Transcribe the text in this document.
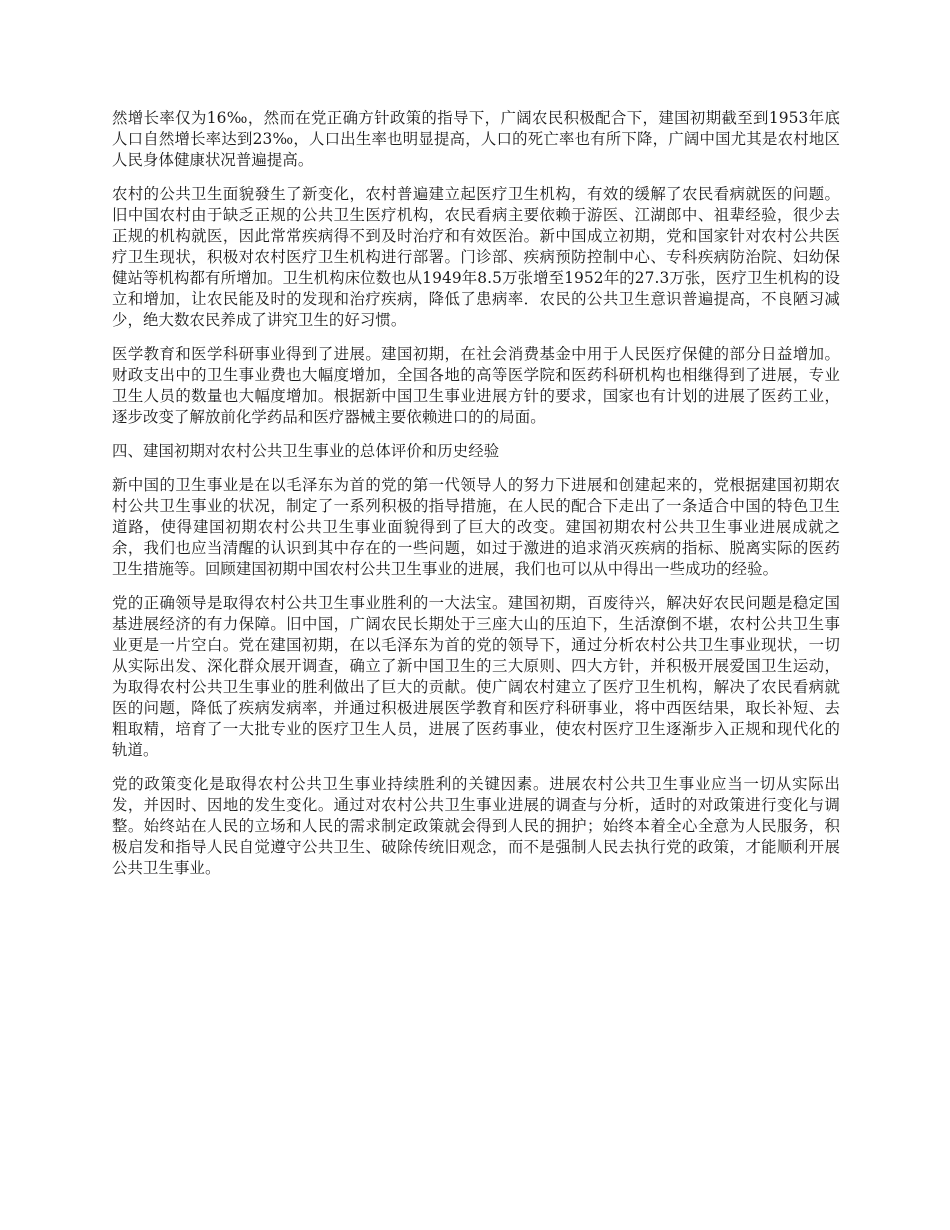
然增长率仅为16‰，然而在党正确方针政策的指导下，广阔农民积极配合下，建国初期截至到1953年底人口自然增长率达到23‰，人口出生率也明显提高，人口的死亡率也有所下降，广阔中国尤其是农村地区人民身体健康状况普遍提高。

农村的公共卫生面貌發生了新变化，农村普遍建立起医疗卫生机构，有效的缓解了农民看病就医的问题。旧中国农村由于缺乏正规的公共卫生医疗机构，农民看病主要依赖于游医、江湖郎中、祖辈经验，很少去正规的机构就医，因此常常疾病得不到及时治疗和有效医治。新中国成立初期，党和国家针对农村公共医疗卫生现状，积极对农村医疗卫生机构进行部署。门诊部、疾病预防控制中心、专科疾病防治院、妇幼保健站等机构都有所增加。卫生机构床位数也从1949年8.5万张增至1952年的27.3万张，医疗卫生机构的设立和增加，让农民能及时的发现和治疗疾病，降低了患病率．农民的公共卫生意识普遍提高，不良陋习减少，绝大数农民养成了讲究卫生的好习惯。

医学教育和医学科研事业得到了进展。建国初期，在社会消费基金中用于人民医疗保健的部分日益增加。财政支出中的卫生事业费也大幅度增加，全国各地的高等医学院和医药科研机构也相继得到了进展，专业卫生人员的数量也大幅度增加。根据新中国卫生事业进展方针的要求，国家也有计划的进展了医药工业，逐步改变了解放前化学药品和医疗器械主要依赖进口的的局面。

四、建国初期对农村公共卫生事业的总体评价和历史经验

新中国的卫生事业是在以毛泽东为首的党的第一代领导人的努力下进展和创建起来的，党根据建国初期农村公共卫生事业的状况，制定了一系列积极的指导措施，在人民的配合下走出了一条适合中国的特色卫生道路，使得建国初期农村公共卫生事业面貌得到了巨大的改变。建国初期农村公共卫生事业进展成就之余，我们也应当清醒的认识到其中存在的一些问题，如过于激进的追求消灭疾病的指标、脱离实际的医药卫生措施等。回顾建国初期中国农村公共卫生事业的进展，我们也可以从中得出一些成功的经验。

党的正确领导是取得农村公共卫生事业胜利的一大法宝。建国初期，百废待兴，解决好农民问题是稳定国基进展经济的有力保障。旧中国，广阔农民长期处于三座大山的压迫下，生活潦倒不堪，农村公共卫生事业更是一片空白。党在建国初期，在以毛泽东为首的党的领导下，通过分析农村公共卫生事业现状，一切从实际出发、深化群众展开调查，确立了新中国卫生的三大原则、四大方针，并积极开展爱国卫生运动，为取得农村公共卫生事业的胜利做出了巨大的贡献。使广阔农村建立了医疗卫生机构，解决了农民看病就医的问题，降低了疾病发病率，并通过积极进展医学教育和医疗科研事业，将中西医结果，取长补短、去粗取精，培育了一大批专业的医疗卫生人员，进展了医药事业，使农村医疗卫生逐渐步入正规和现代化的轨道。

党的政策变化是取得农村公共卫生事业持续胜利的关键因素。进展农村公共卫生事业应当一切从实际出发，并因时、因地的发生变化。通过对农村公共卫生事业进展的调查与分析，适时的对政策进行变化与调整。始终站在人民的立场和人民的需求制定政策就会得到人民的拥护；始终本着全心全意为人民服务，积极启发和指导人民自觉遵守公共卫生、破除传统旧观念，而不是强制人民去执行党的政策，才能顺利开展公共卫生事业。
